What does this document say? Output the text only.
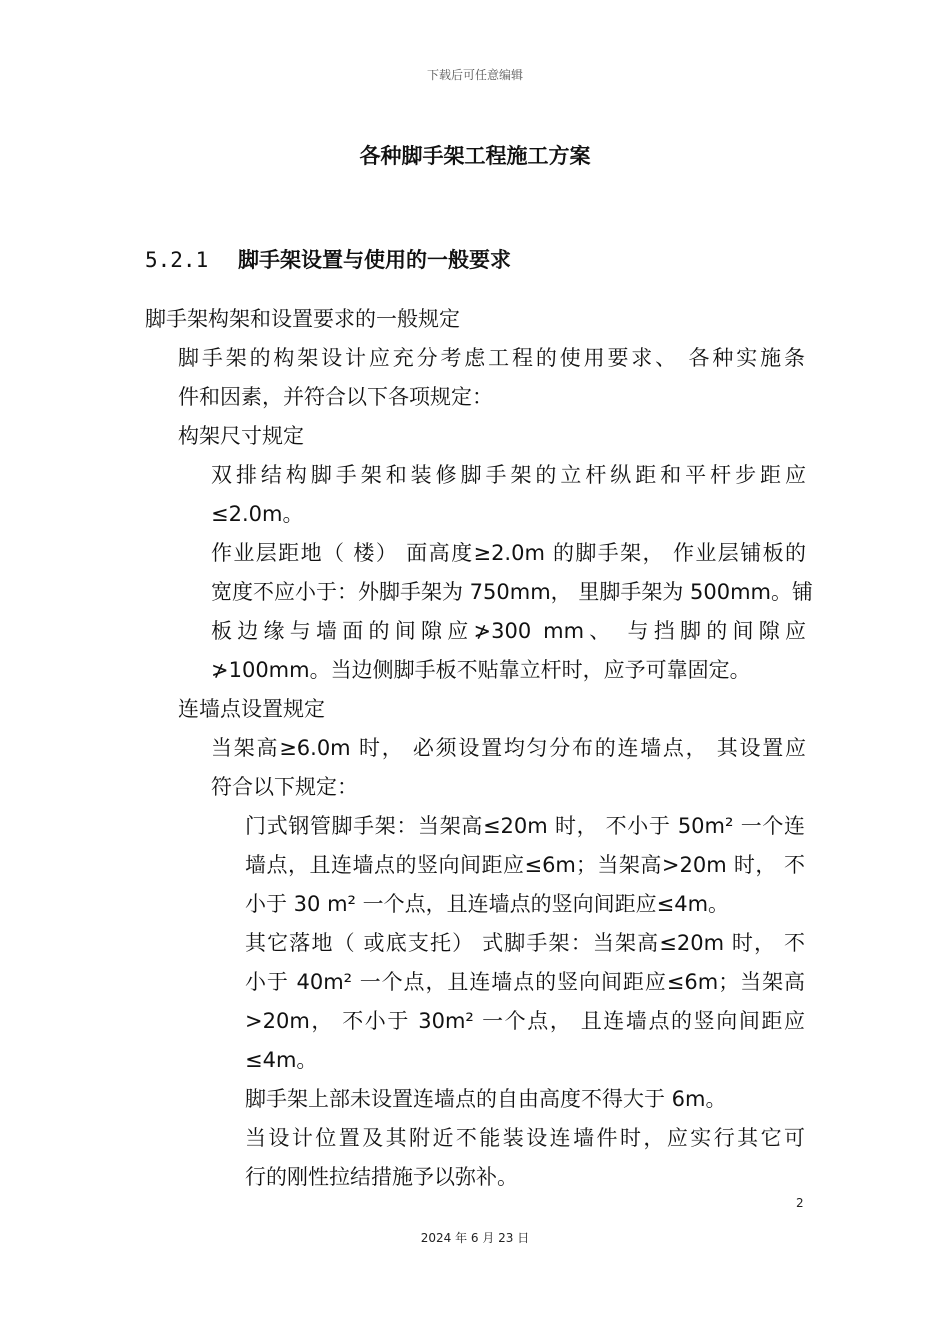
下载后可任意编辑
各种脚手架工程施工方案
5.2.1 脚手架设置与使用的一般要求
脚手架构架和设置要求的一般规定
脚手架的构架设计应充分考虑工程的使用要求、 各种实施条
件和因素，并符合以下各项规定：
构架尺寸规定
双排结构脚手架和装修脚手架的立杆纵距和平杆步距应
≤2.0m。
作业层距地（ 楼） 面高度≥2.0m 的脚手架， 作业层铺板的
宽度不应小于：外脚手架为 750mm， 里脚手架为 500mm。铺
板边缘与墙面的间隙应≯300 mm、 与挡脚的间隙应
≯100mm。当边侧脚手板不贴靠立杆时，应予可靠固定。
连墙点设置规定
当架高≥6.0m 时， 必须设置均匀分布的连墙点， 其设置应
符合以下规定：
门式钢管脚手架：当架高≤20m 时， 不小于 50m² 一个连
墙点，且连墙点的竖向间距应≤6m；当架高>20m 时， 不
小于 30 m² 一个点，且连墙点的竖向间距应≤4m。
其它落地（ 或底支托） 式脚手架：当架高≤20m 时， 不
小于 40m² 一个点，且连墙点的竖向间距应≤6m；当架高
>20m， 不小于 30m² 一个点， 且连墙点的竖向间距应
≤4m。
脚手架上部未设置连墙点的自由高度不得大于 6m。
当设计位置及其附近不能装设连墙件时，应实行其它可
行的刚性拉结措施予以弥补。
2
2024 年 6 月 23 日
